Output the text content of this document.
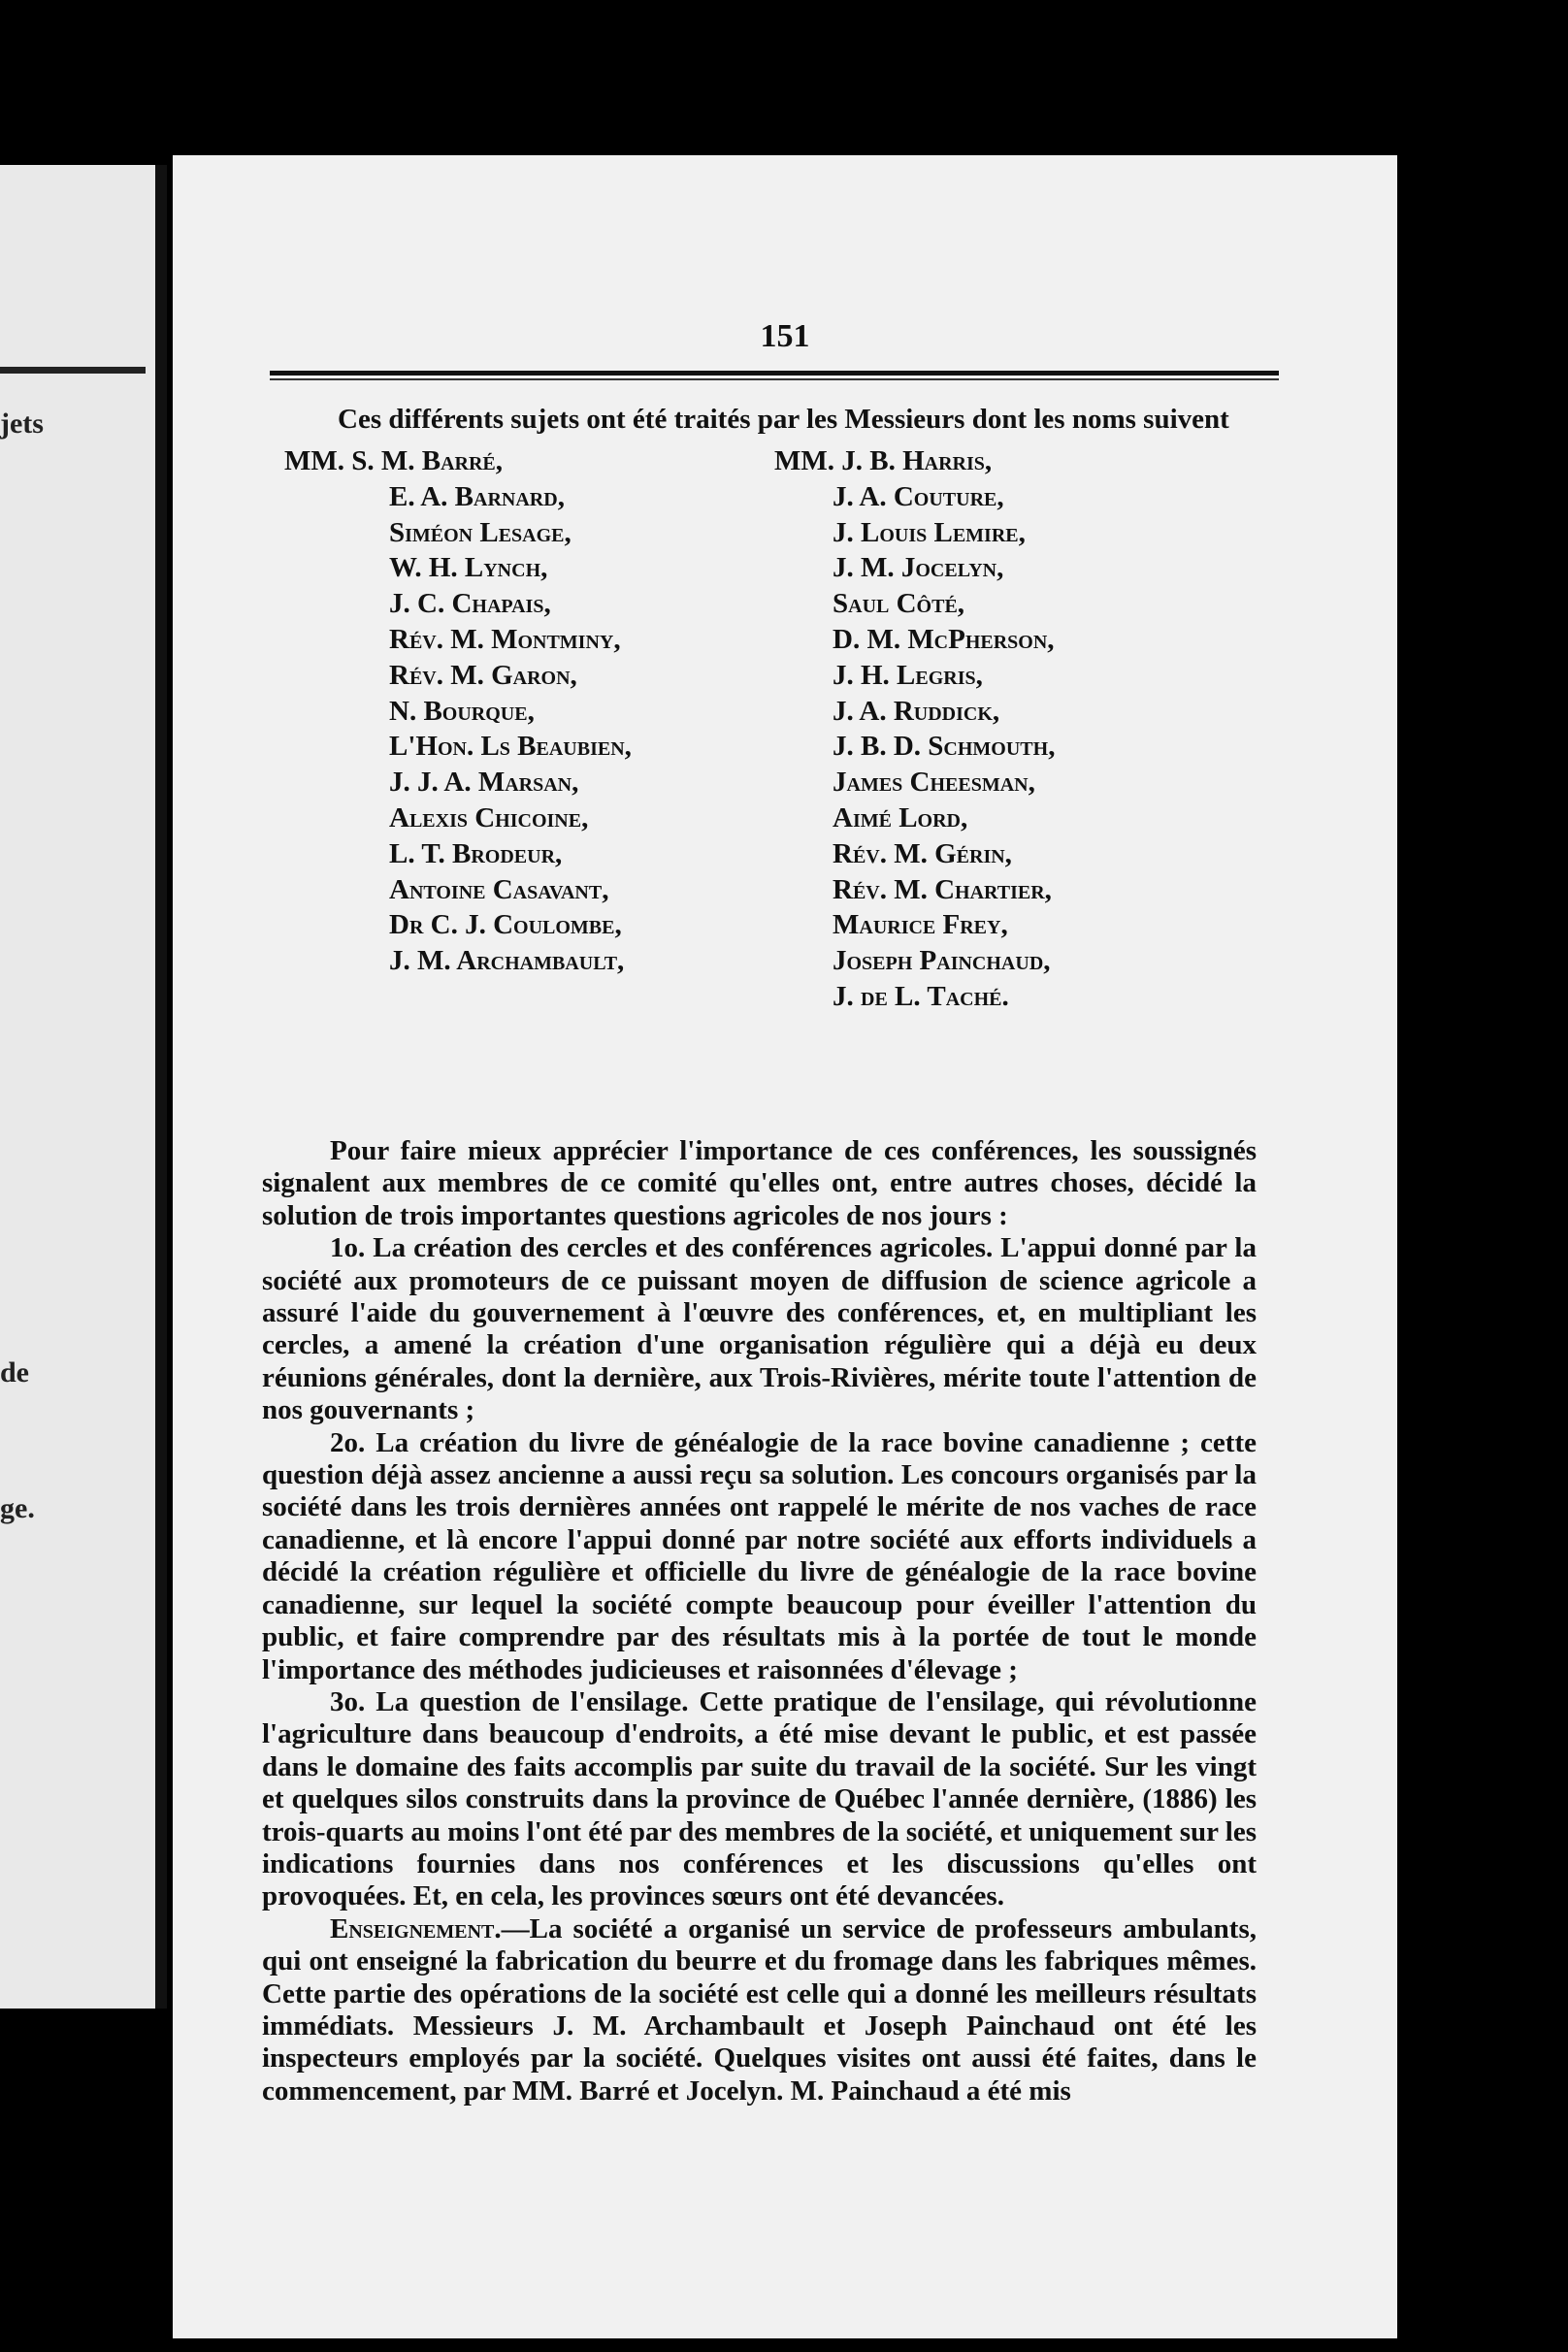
jets
de
ge.
151
Ces différents sujets ont été traités par les Messieurs dont les noms suivent
MM. S. M. Barré,
E. A. Barnard,
Siméon Lesage,
W. H. Lynch,
J. C. Chapais,
Rév. M. Montminy,
Rév. M. Garon,
N. Bourque,
L'Hon. Ls Beaubien,
J. J. A. Marsan,
Alexis Chicoine,
L. T. Brodeur,
Antoine Casavant,
Dr C. J. Coulombe,
J. M. Archambault,
MM. J. B. Harris,
J. A. Couture,
J. Louis Lemire,
J. M. Jocelyn,
Saul Côté,
D. M. McPherson,
J. H. Legris,
J. A. Ruddick,
J. B. D. Schmouth,
James Cheesman,
Aimé Lord,
Rév. M. Gérin,
Rév. M. Chartier,
Maurice Frey,
Joseph Painchaud,
J. de L. Taché.

Pour faire mieux apprécier l'importance de ces conférences, les soussignés signalent aux membres de ce comité qu'elles ont, entre autres choses, décidé la solution de trois importantes questions agricoles de nos jours :

1o. La création des cercles et des conférences agricoles. L'appui donné par la société aux promoteurs de ce puissant moyen de diffusion de science agricole a assuré l'aide du gouvernement à l'œuvre des conférences, et, en multipliant les cercles, a amené la création d'une organisation régulière qui a déjà eu deux réunions générales, dont la dernière, aux Trois-Rivières, mérite toute l'attention de nos gouvernants ;

2o. La création du livre de généalogie de la race bovine canadienne ; cette question déjà assez ancienne a aussi reçu sa solution. Les concours organisés par la société dans les trois dernières années ont rappelé le mérite de nos vaches de race canadienne, et là encore l'appui donné par notre société aux efforts individuels a décidé la création régulière et officielle du livre de généalogie de la race bovine canadienne, sur lequel la société compte beaucoup pour éveiller l'attention du public, et faire comprendre par des résultats mis à la portée de tout le monde l'importance des méthodes judicieuses et raisonnées d'élevage ;

3o. La question de l'ensilage. Cette pratique de l'ensilage, qui révolutionne l'agriculture dans beaucoup d'endroits, a été mise devant le public, et est passée dans le domaine des faits accomplis par suite du travail de la société. Sur les vingt et quelques silos construits dans la province de Québec l'année dernière, (1886) les trois-quarts au moins l'ont été par des membres de la société, et uniquement sur les indications fournies dans nos conférences et les discussions qu'elles ont provoquées. Et, en cela, les provinces sœurs ont été devancées.

Enseignement.—La société a organisé un service de professeurs ambulants, qui ont enseigné la fabrication du beurre et du fromage dans les fabriques mêmes. Cette partie des opérations de la société est celle qui a donné les meilleurs résultats immédiats. Messieurs J. M. Archambault et Joseph Painchaud ont été les inspecteurs employés par la société. Quelques visites ont aussi été faites, dans le commencement, par MM. Barré et Jocelyn. M. Painchaud a été mis
